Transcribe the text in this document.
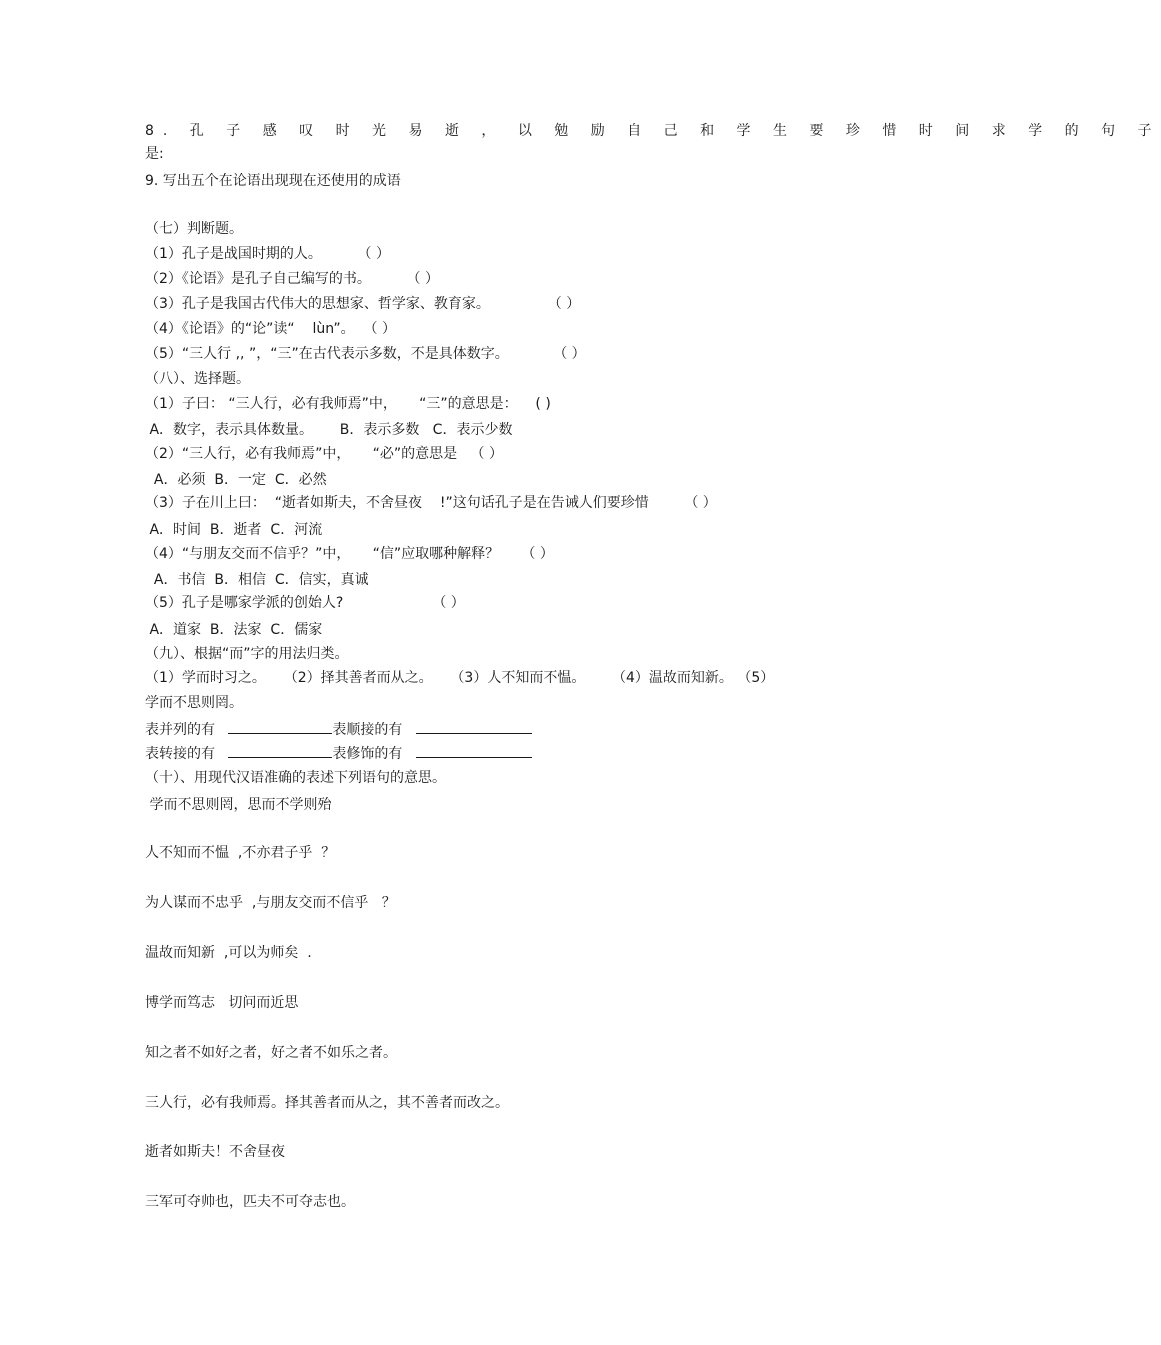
8. 孔 子 感 叹 时 光 易 逝 ， 以 勉 励 自 己 和 学 生 要 珍 惜 时 间 求 学 的 句 子
是:
9. 写出五个在论语出现现在还使用的成语
（七）判断题。
（1）孔子是战国时期的人。        （ ）
（2）《论语》是孔子自己编写的书。        （ ）
（3）孔子是我国古代伟大的思想家、哲学家、教育家。             （ ）
（4）《论语》的“论”读“    lùn”。  （ ）
（5）“三人行 ,, ”，“三”在古代表示多数，不是具体数字。          （ ）
（八）、选择题。
（1）子曰： “三人行，必有我师焉”中，     “三”的意思是：    ( )
A．数字，表示具体数量。      B．表示多数   C．表示少数
（2）“三人行，必有我师焉”中，     “必”的意思是   （ ）
A．必须  B．一定  C．必然
（3）子在川上曰：  “逝者如斯夫，不舍昼夜    !”这句话孔子是在告诫人们要珍惜        （ ）
A．时间  B．逝者  C．河流
（4）“与朋友交而不信乎？”中，     “信”应取哪种解释？     （ ）
A．书信  B．相信  C．信实，真诚
（5）孔子是哪家学派的创始人?                    （ ）
A．道家  B．法家  C．儒家
（九）、根据“而”字的用法归类。
（1）学而时习之。    （2）择其善者而从之。    （3）人不知而不愠。      （4）温故而知新。 （5）
学而不思则罔。
表并列的有	表顺接的有
表转接的有	表修饰的有
（十）、用现代汉语准确的表述下列语句的意思。
学而不思则罔，思而不学则殆
人不知而不愠  ,不亦君子乎  ？
为人谋而不忠乎  ,与朋友交而不信乎   ？
温故而知新  ,可以为师矣  .
博学而笃志   切问而近思
知之者不如好之者，好之者不如乐之者。
三人行，必有我师焉。择其善者而从之，其不善者而改之。
逝者如斯夫！不舍昼夜
三军可夺帅也，匹夫不可夺志也。
